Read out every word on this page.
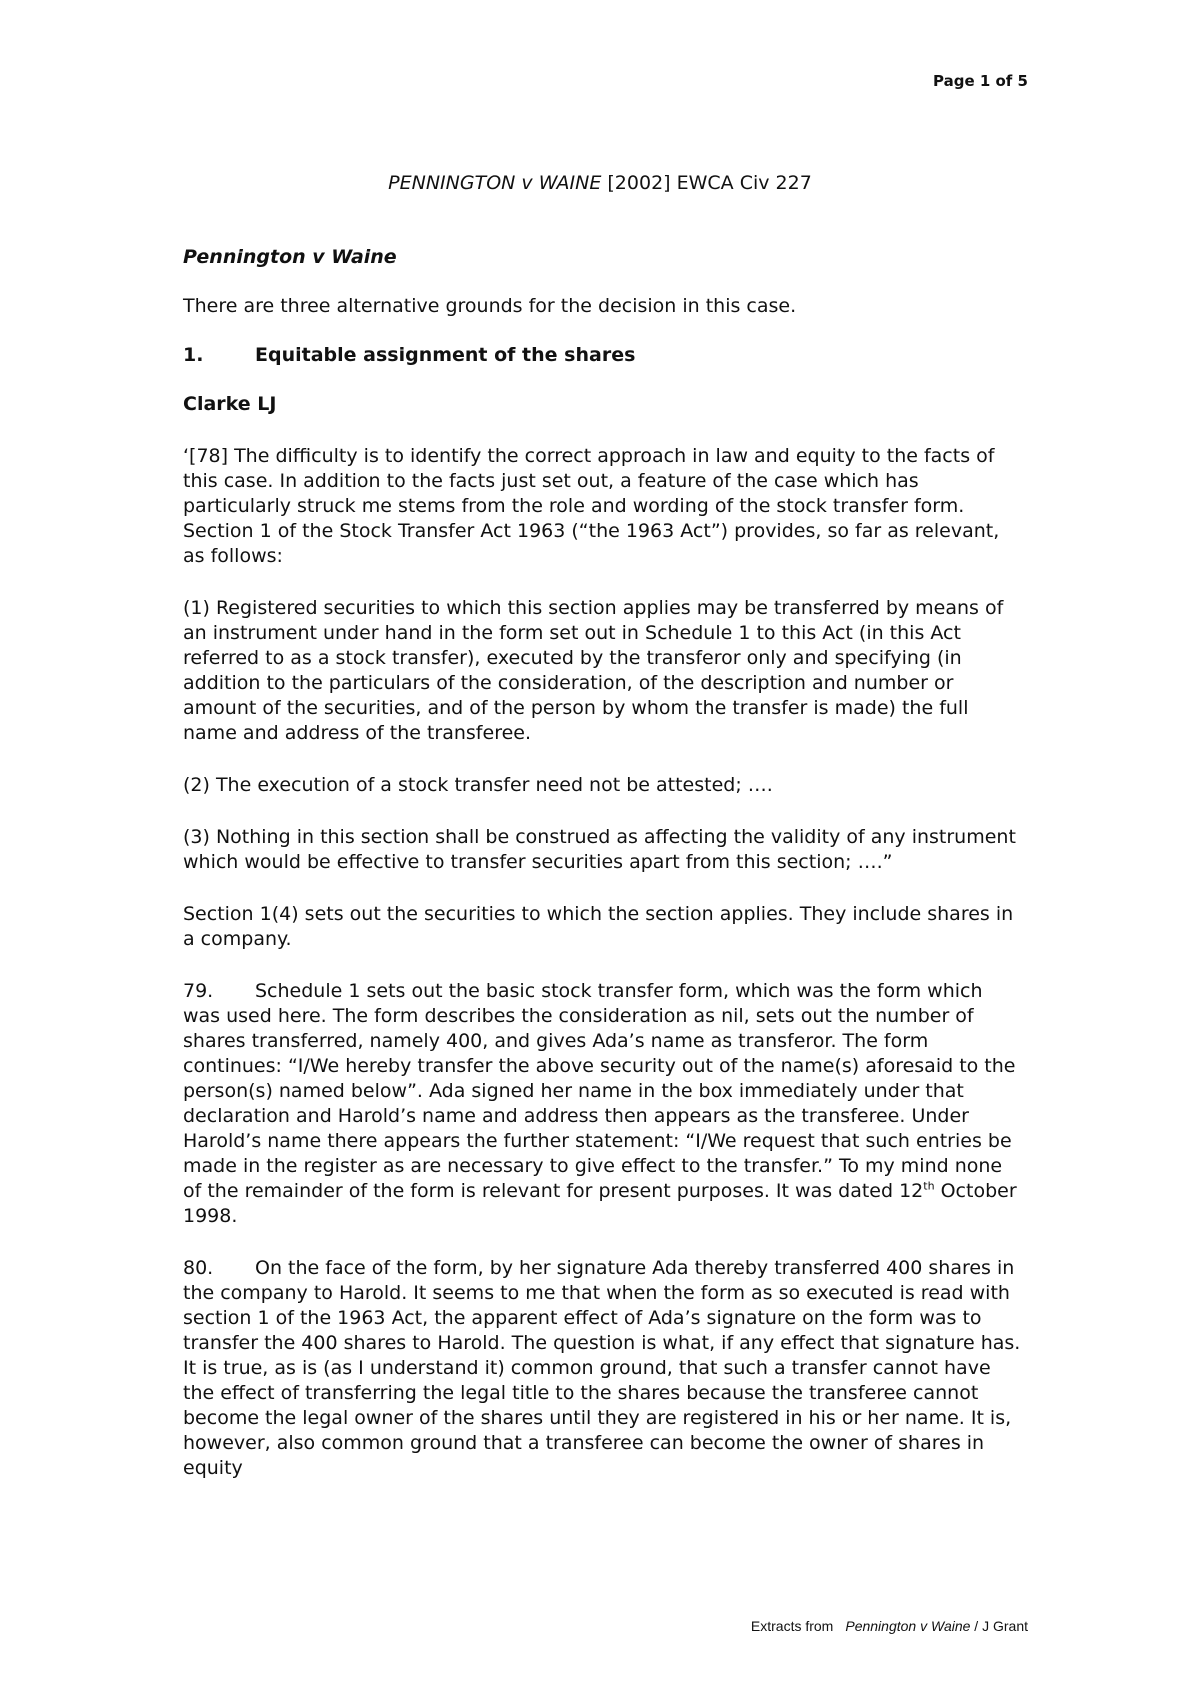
Page 1 of 5
PENNINGTON v WAINE [2002] EWCA Civ 227

Pennington v Waine

There are three alternative grounds for the decision in this case.

1.	Equitable assignment of the shares

Clarke LJ

‘[78] The difficulty is to identify the correct approach in law and equity to the facts of this case. In addition to the facts just set out, a feature of the case which has particularly struck me stems from the role and wording of the stock transfer form. Section 1 of the Stock Transfer Act 1963 (“the 1963 Act”) provides, so far as relevant, as follows:

(1) Registered securities to which this section applies may be transferred by means of an instrument under hand in the form set out in Schedule 1 to this Act (in this Act referred to as a stock transfer), executed by the transferor only and specifying (in addition to the particulars of the consideration, of the description and number or amount of the securities, and of the person by whom the transfer is made) the full name and address of the transferee.

(2) The execution of a stock transfer need not be attested; ….

(3) Nothing in this section shall be construed as affecting the validity of any instrument which would be effective to transfer securities apart from this section; ….”

Section 1(4) sets out the securities to which the section applies. They include shares in a company.

79. Schedule 1 sets out the basic stock transfer form, which was the form which was used here. The form describes the consideration as nil, sets out the number of shares transferred, namely 400, and gives Ada’s name as transferor. The form continues: “I/We hereby transfer the above security out of the name(s) aforesaid to the person(s) named below”. Ada signed her name in the box immediately under that declaration and Harold’s name and address then appears as the transferee. Under Harold’s name there appears the further statement: “I/We request that such entries be made in the register as are necessary to give effect to the transfer.” To my mind none of the remainder of the form is relevant for present purposes. It was dated 12th October 1998.

80. On the face of the form, by her signature Ada thereby transferred 400 shares in the company to Harold. It seems to me that when the form as so executed is read with section 1 of the 1963 Act, the apparent effect of Ada’s signature on the form was to transfer the 400 shares to Harold. The question is what, if any effect that signature has. It is true, as is (as I understand it) common ground, that such a transfer cannot have the effect of transferring the legal title to the shares because the transferee cannot become the legal owner of the shares until they are registered in his or her name. It is, however, also common ground that a transferee can become the owner of shares in equity

Extracts from Pennington v Waine / J Grant
